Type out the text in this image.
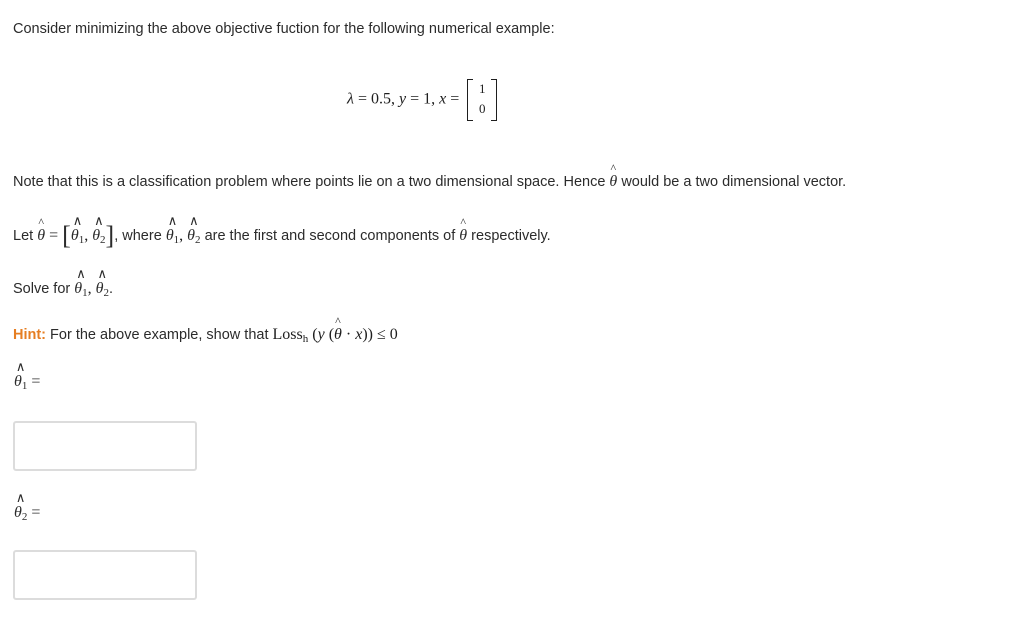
Consider minimizing the above objective fuction for the following numerical example:
λ = 0.5, y = 1, x =
1
0
Note that this is a classification problem where points lie on a two dimensional space. Hence
^
θ would be a two dimensional vector.
Let
^
θ = [
∧
$\theta_1$,
∧
$\theta_2$], where
∧
$\theta_1$,
∧
$\theta_2$ are the first and second components of
^
θ respectively.
Solve for
∧
$\theta_1$,
∧
$\theta_2$.
Hint: For the above example, show that Loss$_h$ (y (
^
θ · x)) ≤ 0
∧
$\theta_1$ =
∧
$\theta_2$ =
